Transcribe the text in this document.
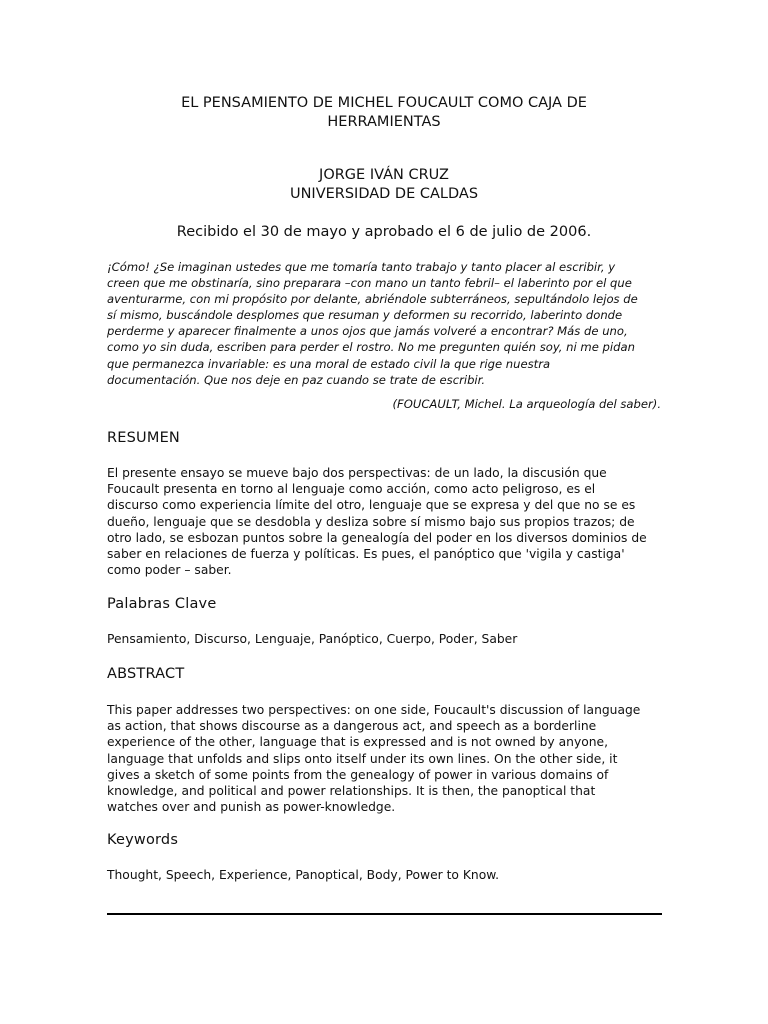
EL PENSAMIENTO DE MICHEL FOUCAULT COMO CAJA DE
HERRAMIENTAS
JORGE IVÁN CRUZ
UNIVERSIDAD DE CALDAS
Recibido el 30 de mayo y aprobado el 6 de julio de 2006.
¡Cómo! ¿Se imaginan ustedes que me tomaría tanto trabajo y tanto placer al escribir, y
creen que me obstinaría, sino preparara –con mano un tanto febril– el laberinto por el que
aventurarme, con mi propósito por delante, abriéndole subterráneos, sepultándolo lejos de
sí mismo, buscándole desplomes que resuman y deformen su recorrido, laberinto donde
perderme y aparecer finalmente a unos ojos que jamás volveré a encontrar? Más de uno,
como yo sin duda, escriben para perder el rostro. No me pregunten quién soy, ni me pidan
que permanezca invariable: es una moral de estado civil la que rige nuestra
documentación. Que nos deje en paz cuando se trate de escribir.
(FOUCAULT, Michel. La arqueología del saber).
RESUMEN
El presente ensayo se mueve bajo dos perspectivas: de un lado, la discusión que
Foucault presenta en torno al lenguaje como acción, como acto peligroso, es el
discurso como experiencia límite del otro, lenguaje que se expresa y del que no se es
dueño, lenguaje que se desdobla y desliza sobre sí mismo bajo sus propios trazos; de
otro lado, se esbozan puntos sobre la genealogía del poder en los diversos dominios de
saber en relaciones de fuerza y políticas. Es pues, el panóptico que 'vigila y castiga'
como poder – saber.
Palabras Clave
Pensamiento, Discurso, Lenguaje, Panóptico, Cuerpo, Poder, Saber
ABSTRACT
This paper addresses two perspectives: on one side, Foucault's discussion of language
as action, that shows discourse as a dangerous act, and speech as a borderline
experience of the other, language that is expressed and is not owned by anyone,
language that unfolds and slips onto itself under its own lines. On the other side, it
gives a sketch of some points from the genealogy of power in various domains of
knowledge, and political and power relationships. It is then, the panoptical that
watches over and punish as power-knowledge.
Keywords
Thought, Speech, Experience, Panoptical, Body, Power to Know.
